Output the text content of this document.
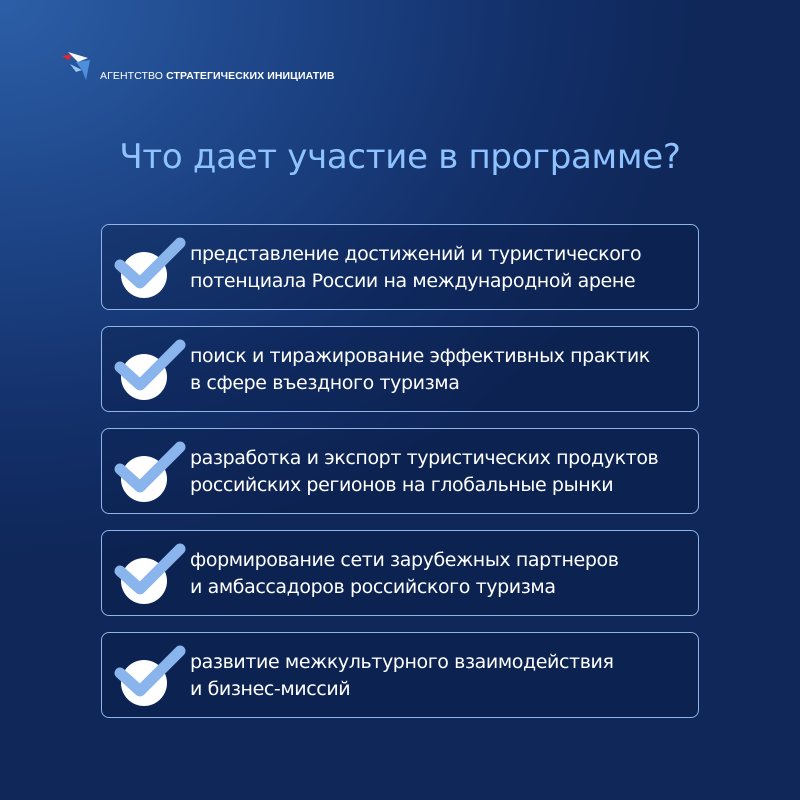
АГЕНТСТВО СТРАТЕГИЧЕСКИХ ИНИЦИАТИВ
Что дает участие в программе?
представление достижений и туристического
потенциала России на международной арене
поиск и тиражирование эффективных практик
в сфере въездного туризма
разработка и экспорт туристических продуктов
российских регионов на глобальные рынки
формирование сети зарубежных партнеров
и амбассадоров российского туризма
развитие межкультурного взаимодействия
и бизнес-миссий
